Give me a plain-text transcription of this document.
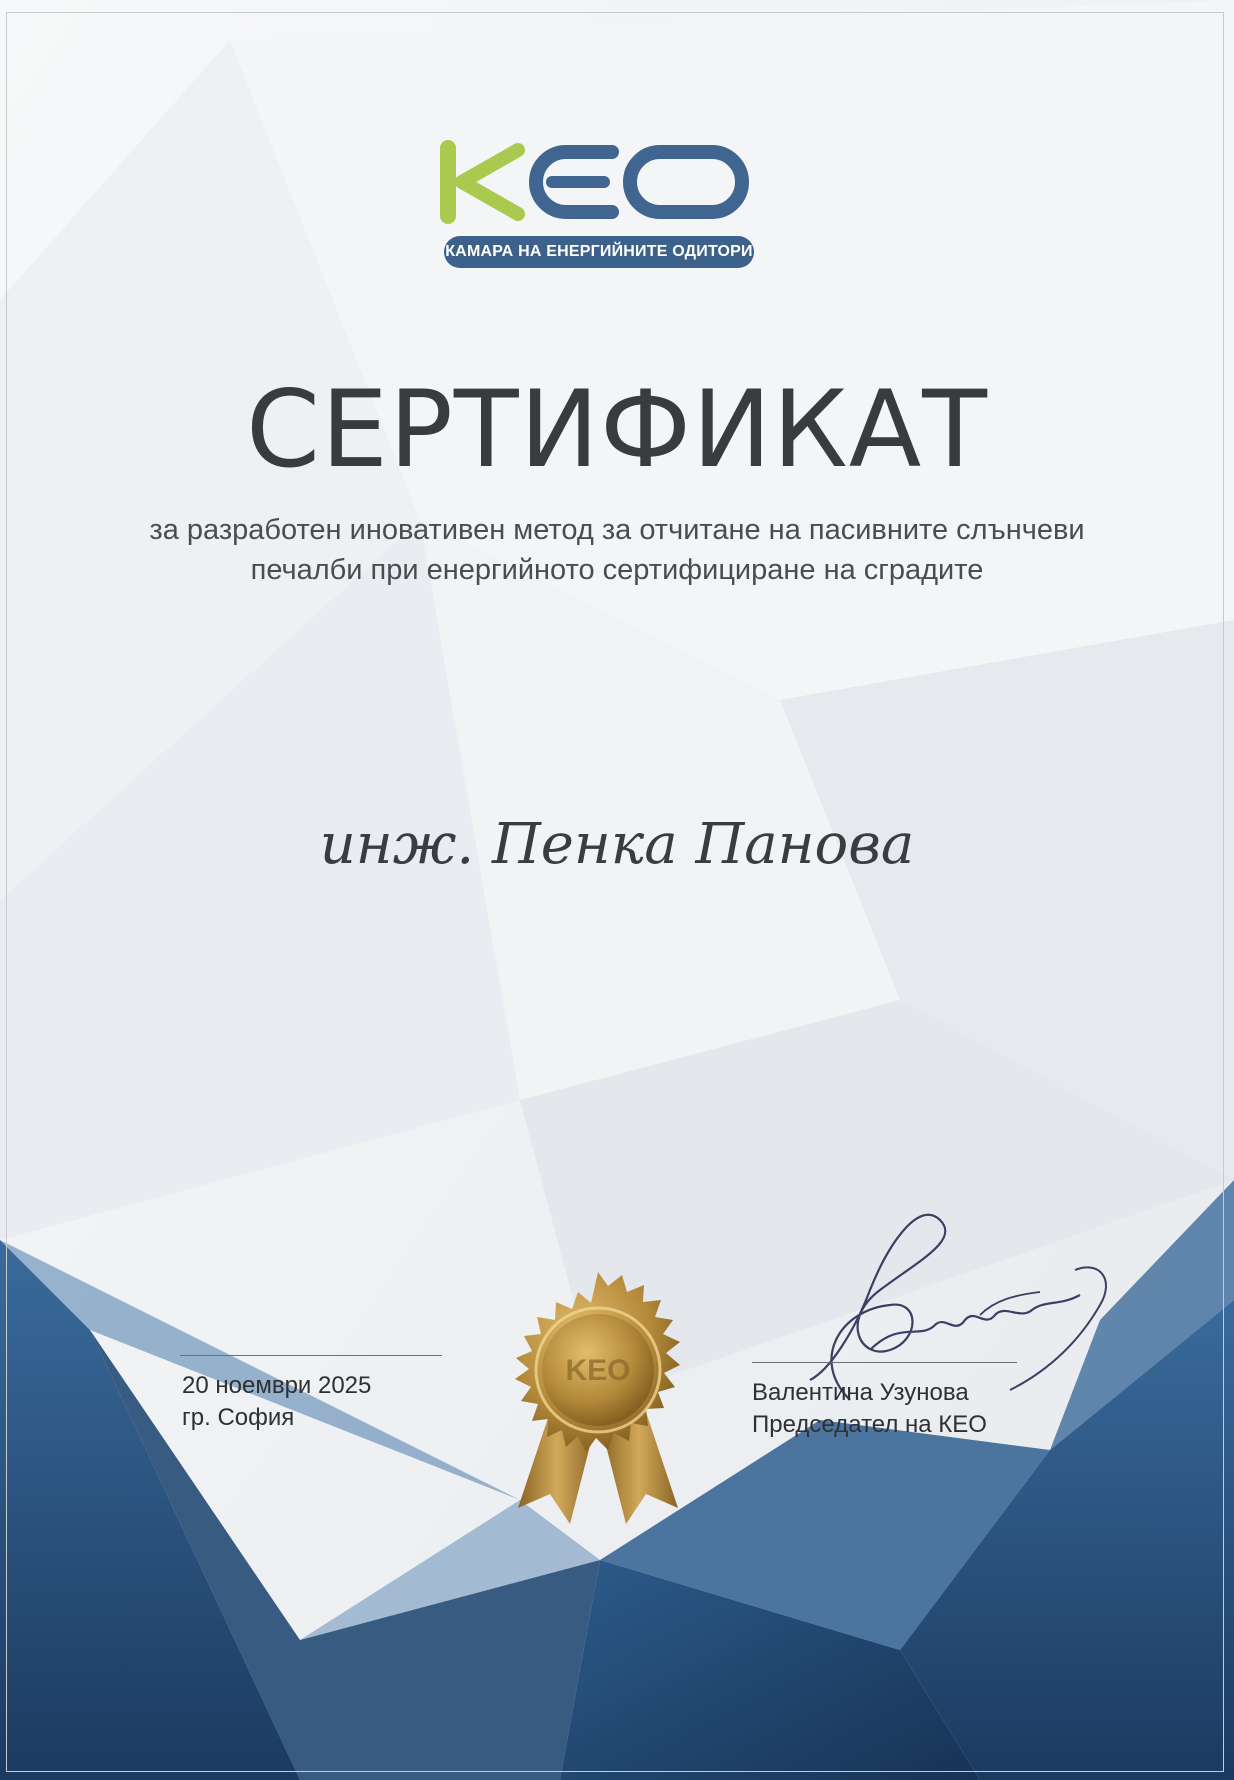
КАМАРА НА ЕНЕРГИЙНИТЕ ОДИТОРИ
СЕРТИФИКАТ
за разработен иновативен метод за отчитане на пасивните слънчеви
печалби при енергийното сертифициране на сградите
инж. Пенка Панова
20 ноември 2025
гр. София
KEO
Валентина Узунова
Председател на КЕО
